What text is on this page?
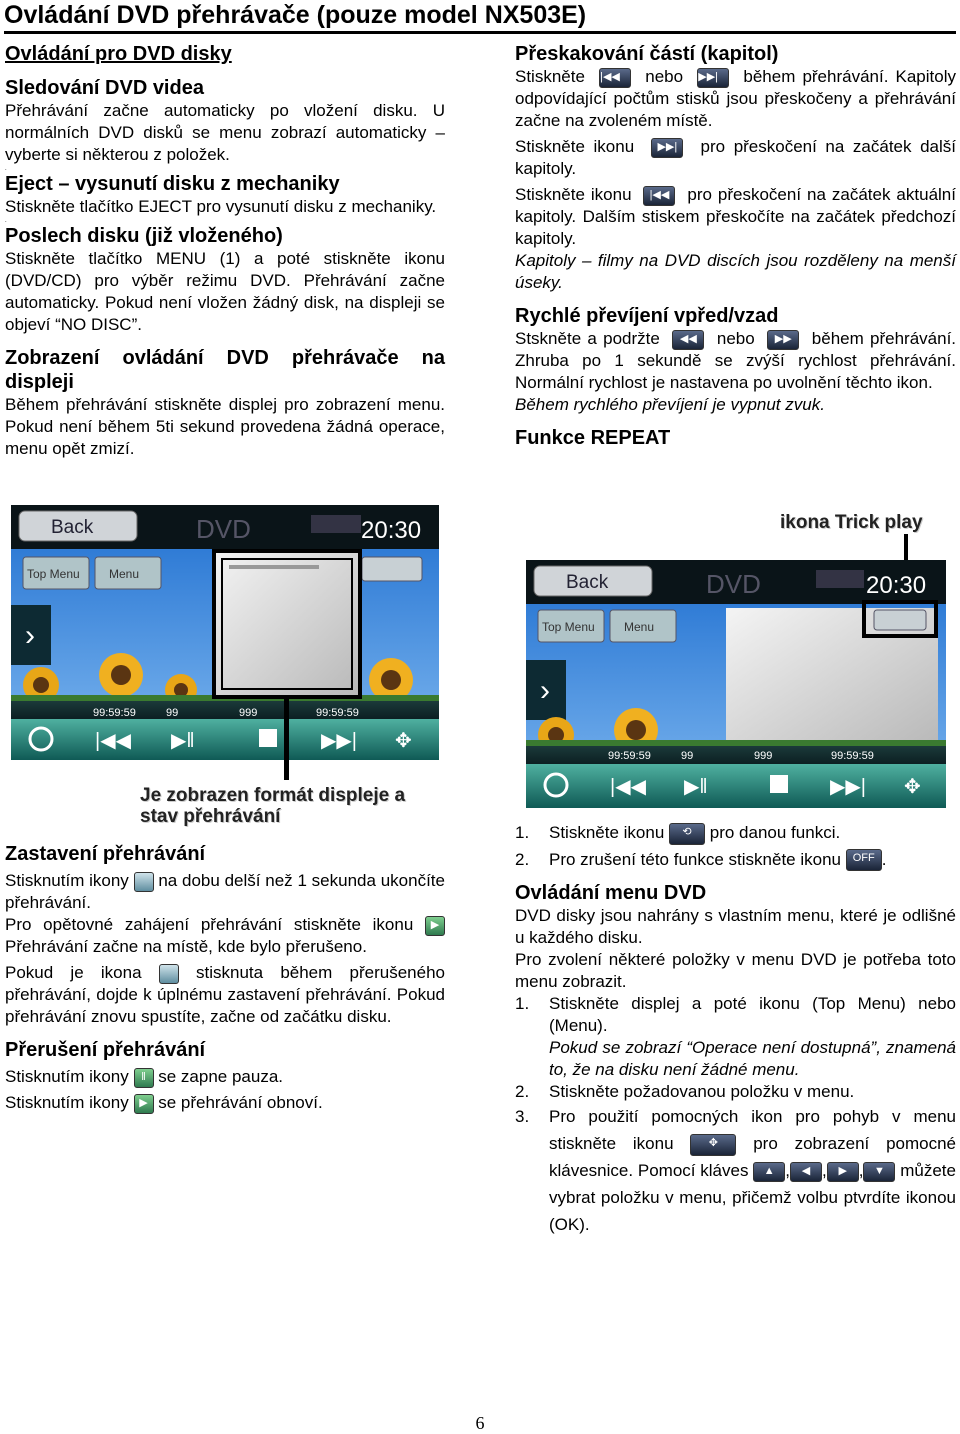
Ovládání DVD přehrávače (pouze model NX503E)
Ovládání pro DVD disky
Sledování DVD videa

Přehrávání začne automaticky po vložení disku. U normálních DVD disků se menu zobrazí automaticky – vyberte si některou z položek.

.
Eject – vysunutí disku z mechaniky

Stiskněte tlačítko EJECT pro vysunutí disku z mechaniky.

.
Poslech disku (již vloženého)

Stiskněte tlačítko MENU (1) a poté stiskněte ikonu (DVD/CD) pro výběr režimu DVD. Přehrávání začne automaticky. Pokud není vložen žádný disk, na displeji se objeví “NO DISC”.

Zobrazení ovládání DVD přehrávače na displeji

Během přehrávání stiskněte displej pro zobrazení menu. Pokud není během 5ti sekund provedena žádná operace, menu opět zmizí.

Přeskakování částí (kapitol)

Stiskněte |◀◀ nebo ▶▶| během přehrávání. Kapitoly odpovídající počtům stisků jsou přeskočeny a přehrávání začne na zvoleném místě.

Stiskněte ikonu ▶▶| pro přeskočení na začátek další kapitoly.

Stiskněte ikonu |◀◀ pro přeskočení na začátek aktuální kapitoly. Dalším stiskem přeskočíte na začátek předchozí kapitoly.

Kapitoly – filmy na DVD discích jsou rozděleny na menší úseky.

Rychlé převíjení vpřed/vzad

Stskněte a podržte ◀◀ nebo ▶▶ během přehrávání. Zhruba po 1 sekundě se zvýší rychlost přehrávání. Normální rychlost je nastavena po uvolnění těchto ikon.

Během rychlého převíjení je vypnut zvuk.

Funkce REPEAT
Back	DVD	20:30
Top Menu Menu
›
99:59:59	99	999	99:59:59
|◀◀ ▶‖	▶▶| ✥
Je zobrazen formát displeje a stav přehrávání
ikona Trick play
Back	DVD	20:30
Top Menu Menu
›
99:59:59	99	999	99:59:59
|◀◀ ▶‖	▶▶| ✥
Zastavení přehrávání

Stisknutím ikony na dobu delší než 1 sekunda ukončíte přehrávání.

Pro opětovné zahájení přehrávání stiskněte ikonu ▶ Přehrávání začne na místě, kde bylo přerušeno.

Pokud je ikona	stisknuta během přerušeného přehrávání, dojde k úplnému zastavení přehrávání. Pokud přehrávání znovu spustíte, začne od začátku disku.

Přerušení přehrávání

Stisknutím ikony ‖ se zapne pauza.

Stisknutím ikony ▶ se přehrávání obnoví.

1. Stiskněte ikonu ⟲ pro danou funkci.
2. Pro zrušení této funkce stiskněte ikonu OFF .
Ovládání menu DVD

DVD disky jsou nahrány s vlastním menu, které je odlišné u každého disku.

Pro zvolení některé položky v menu DVD je potřeba toto menu zobrazit.

1. Stiskněte displej a poté ikonu (Top Menu) nebo (Menu).
Pokud se zobrazí “Operace není dostupná”, znamená to, že na disku není žádné menu.
2. Stiskněte požadovanou položku v menu.
3. Pro použití pomocných ikon pro pohyb v menu stiskněte ikonu	✥ pro zobrazení pomocné klávesnice. Pomocí kláves ▲ , ◀ , ▶ , ▼ můžete vybrat položku v menu, přičemž volbu ptvrdíte ikonou (OK).
6
